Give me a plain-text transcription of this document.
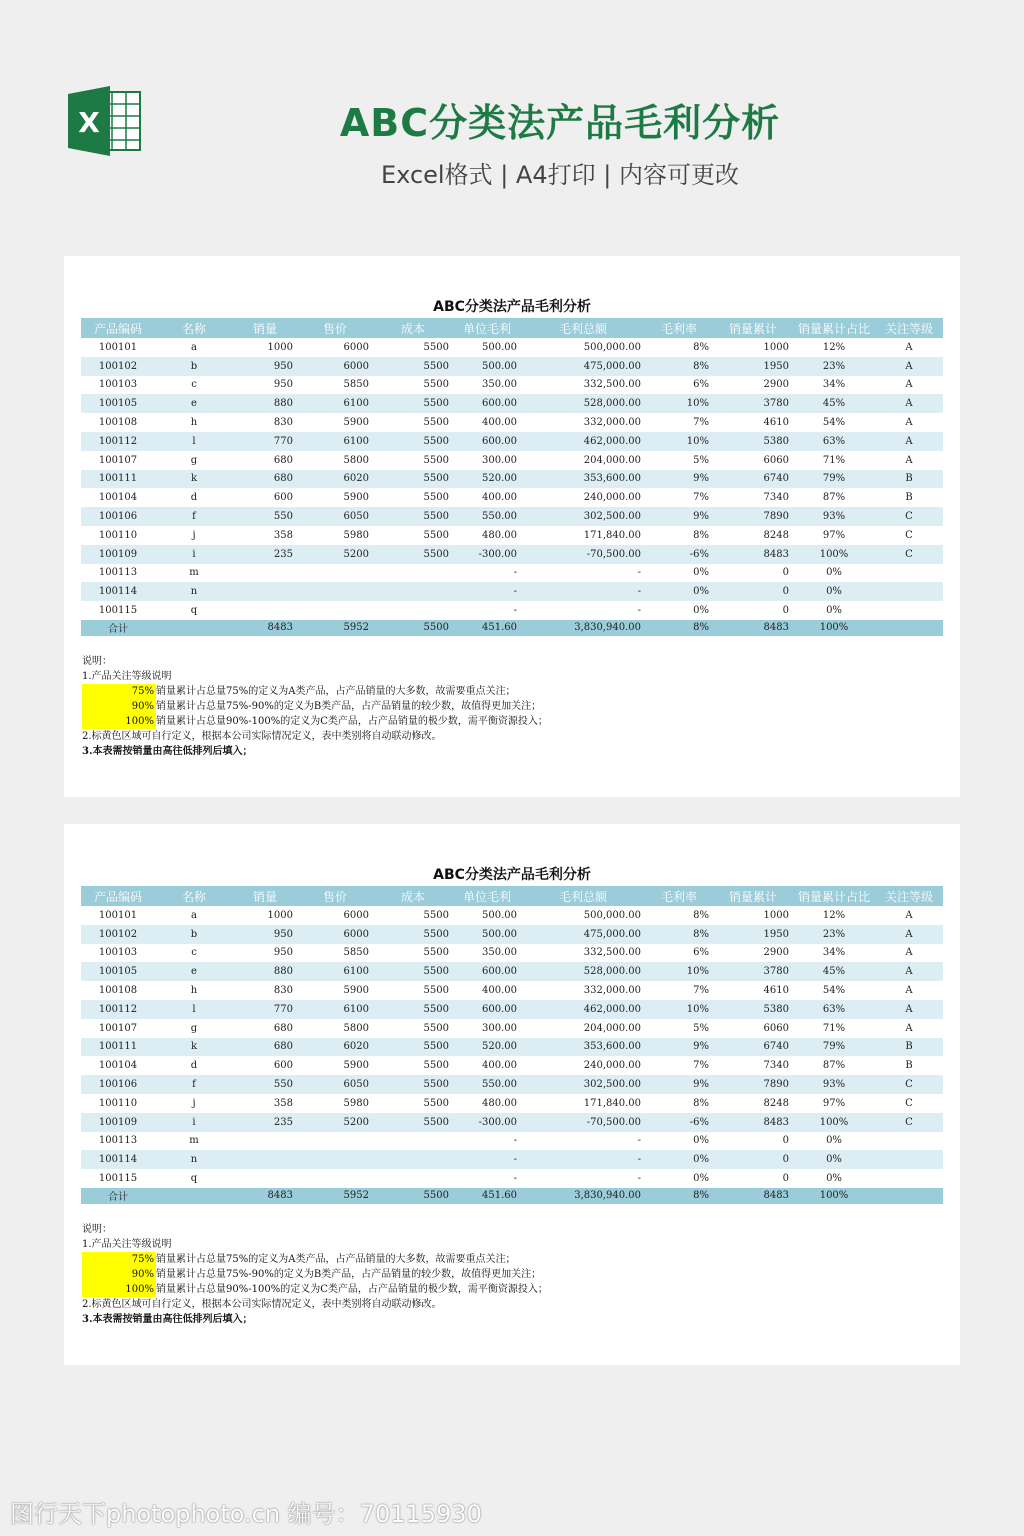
X	ABC分类法产品毛利分析
Excel格式 | A4打印 | 内容可更改
ABC分类法产品毛利分析
产品编码	名称	销量	售价	成本	单位毛利	毛利总额	毛利率	销量累计	销量累计占比	关注等级
100101	a	1000	6000	5500	500.00	500,000.00	8%	1000	12%	A
100102	b	950	6000	5500	500.00	475,000.00	8%	1950	23%	A
100103	c	950	5850	5500	350.00	332,500.00	6%	2900	34%	A
100105	e	880	6100	5500	600.00	528,000.00	10%	3780	45%	A
100108	h	830	5900	5500	400.00	332,000.00	7%	4610	54%	A
100112	l	770	6100	5500	600.00	462,000.00	10%	5380	63%	A
100107	g	680	5800	5500	300.00	204,000.00	5%	6060	71%	A
100111	k	680	6020	5500	520.00	353,600.00	9%	6740	79%	B
100104	d	600	5900	5500	400.00	240,000.00	7%	7340	87%	B
100106	f	550	6050	5500	550.00	302,500.00	9%	7890	93%	C
100110	j	358	5980	5500	480.00	171,840.00	8%	8248	97%	C
100109	i	235	5200	5500	-300.00	-70,500.00	-6%	8483	100%	C
100113	m				-	-	0%	0	0%	
100114	n				-	-	0%	0	0%	
100115	q				-	-	0%	0	0%	
合计		8483	5952	5500	451.60	3,830,940.00	8%	8483	100%	
说明：
1.产品关注等级说明
75% 销量累计占总量75%的定义为A类产品，占产品销量的大多数，故需要重点关注；
90% 销量累计占总量75%-90%的定义为B类产品，占产品销量的较少数，故值得更加关注；
100% 销量累计占总量90%-100%的定义为C类产品，占产品销量的极少数，需平衡资源投入；
2.标黄色区域可自行定义，根据本公司实际情况定义，表中类别将自动联动修改。
3.本表需按销量由高往低排列后填入；
ABC分类法产品毛利分析
产品编码	名称	销量	售价	成本	单位毛利	毛利总额	毛利率	销量累计	销量累计占比	关注等级
100101	a	1000	6000	5500	500.00	500,000.00	8%	1000	12%	A
100102	b	950	6000	5500	500.00	475,000.00	8%	1950	23%	A
100103	c	950	5850	5500	350.00	332,500.00	6%	2900	34%	A
100105	e	880	6100	5500	600.00	528,000.00	10%	3780	45%	A
100108	h	830	5900	5500	400.00	332,000.00	7%	4610	54%	A
100112	l	770	6100	5500	600.00	462,000.00	10%	5380	63%	A
100107	g	680	5800	5500	300.00	204,000.00	5%	6060	71%	A
100111	k	680	6020	5500	520.00	353,600.00	9%	6740	79%	B
100104	d	600	5900	5500	400.00	240,000.00	7%	7340	87%	B
100106	f	550	6050	5500	550.00	302,500.00	9%	7890	93%	C
100110	j	358	5980	5500	480.00	171,840.00	8%	8248	97%	C
100109	i	235	5200	5500	-300.00	-70,500.00	-6%	8483	100%	C
100113	m				-	-	0%	0	0%	
100114	n				-	-	0%	0	0%	
100115	q				-	-	0%	0	0%	
合计		8483	5952	5500	451.60	3,830,940.00	8%	8483	100%	
说明：
1.产品关注等级说明
75% 销量累计占总量75%的定义为A类产品，占产品销量的大多数，故需要重点关注；
90% 销量累计占总量75%-90%的定义为B类产品，占产品销量的较少数，故值得更加关注；
100% 销量累计占总量90%-100%的定义为C类产品，占产品销量的极少数，需平衡资源投入；
2.标黄色区域可自行定义，根据本公司实际情况定义，表中类别将自动联动修改。
3.本表需按销量由高往低排列后填入；
图行天下photophoto.cn 编号：70115930
